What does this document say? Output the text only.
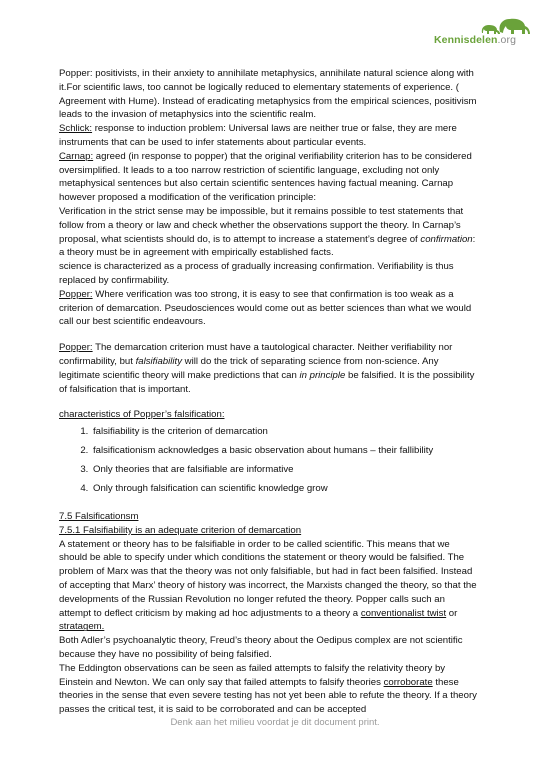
Kennisdelen.org

Popper: positivists, in their anxiety to annihilate metaphysics, annihilate natural science along with it.For scientific laws, too cannot be logically reduced to elementary statements of experience. ( Agreement with Hume). Instead of eradicating metaphysics from the empirical sciences, positivism leads to the invasion of metaphysics into the scientific realm.

Schlick: response to induction problem: Universal laws are neither true or false, they are mere instruments that can be used to infer statements about particular events.

Carnap: agreed (in response to popper) that the original verifiability criterion has to be considered oversimplified. It leads to a too narrow restriction of scientific language, excluding not only metaphysical sentences but also certain scientific sentences having factual meaning. Carnap however proposed a modification of the verification principle:

Verification in the strict sense may be impossible, but it remains possible to test statements that follow from a theory or law and check whether the observations support the theory. In Carnap’s proposal, what scientists should do, is to attempt to increase a statement’s degree of confirmation: a theory must be in agreement with empirically established facts.

science is characterized as a process of gradually increasing confirmation. Verifiability is thus replaced by confirmability.

Popper: Where verification was too strong, it is easy to see that confirmation is too weak as a criterion of demarcation. Pseudosciences would come out as better sciences than what we would call our best scientific endeavours.

Popper: The demarcation criterion must have a tautological character. Neither verifiability nor confirmability, but falsifiability will do the trick of separating science from non-science. Any legitimate scientific theory will make predictions that can in principle be falsified. It is the possibility of falsification that is important.

characteristics of Popper’s falsification:

1. falsifiability is the criterion of demarcation
2. falsificationism acknowledges a basic observation about humans – their fallibility
3. Only theories that are falsifiable are informative
4. Only through falsification can scientific knowledge grow

7.5 Falsificationsm

7.5.1 Falsifiability is an adequate criterion of demarcation

A statement or theory has to be falsifiable in order to be called scientific. This means that we should be able to specify under which conditions the statement or theory would be falsified. The problem of Marx was that the theory was not only falsifiable, but had in fact been falsified. Instead of accepting that Marx’ theory of history was incorrect, the Marxists changed the theory, so that the developments of the Russian Revolution no longer refuted the theory. Popper calls such an attempt to deflect criticism by making ad hoc adjustments to a theory a conventionalist twist or stratagem.

Both Adler’s psychoanalytic theory, Freud’s theory about the Oedipus complex are not scientific because they have no possibility of being falsified.

The Eddington observations can be seen as failed attempts to falsify the relativity theory by Einstein and Newton. We can only say that failed attempts to falsify theories corroborate these theories in the sense that even severe testing has not yet been able to refute the theory. If a theory passes the critical test, it is said to be corroborated and can be accepted

Denk aan het milieu voordat je dit document print.
